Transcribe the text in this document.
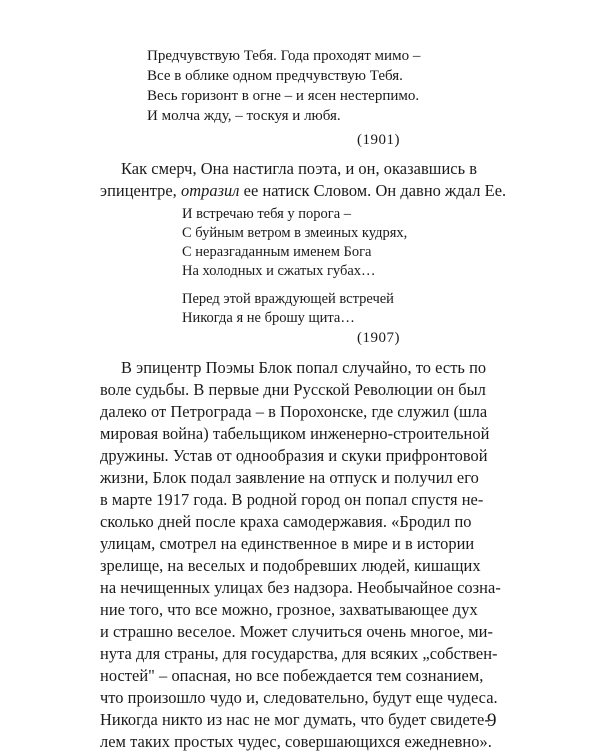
Предчувствую Тебя. Года проходят мимо –

Все в облике одном предчувствую Тебя.

Весь горизонт в огне – и ясен нестерпимо.

И молча жду, – тоскуя и любя.

(1901)

Как смерч, Она настигла поэта, и он, оказавшись в

эпицентре, отразил ее натиск Словом. Он давно ждал Ее.

И встречаю тебя у порога –

С буйным ветром в змеиных кудрях,

С неразгаданным именем Бога

На холодных и сжатых губах…

Перед этой враждующей встречей

Никогда я не брошу щита…

(1907)

В эпицентр Поэмы Блок попал случайно, то есть по

воле судьбы. В первые дни Русской Революции он был

далеко от Петрограда – в Порохонске, где служил (шла

мировая война) табельщиком инженерно-строительной

дружины. Устав от однообразия и скуки прифронтовой

жизни, Блок подал заявление на отпуск и получил его

в марте 1917 года. В родной город он попал спустя не-

сколько дней после краха самодержавия. «Бродил по

улицам, смотрел на единственное в мире и в истории

зрелище, на веселых и подобревших людей, кишащих

на нечищенных улицах без надзора. Необычайное созна-

ние того, что все можно, грозное, захватывающее дух

и страшно веселое. Может случиться очень многое, ми-

нута для страны, для государства, для всяких „собствен-

ностей" – опасная, но все побеждается тем сознанием,

что произошло чудо и, следовательно, будут еще чудеса.

Никогда никто из нас не мог думать, что будет свидете-

лем таких простых чудес, совершающихся ежедневно».

9
